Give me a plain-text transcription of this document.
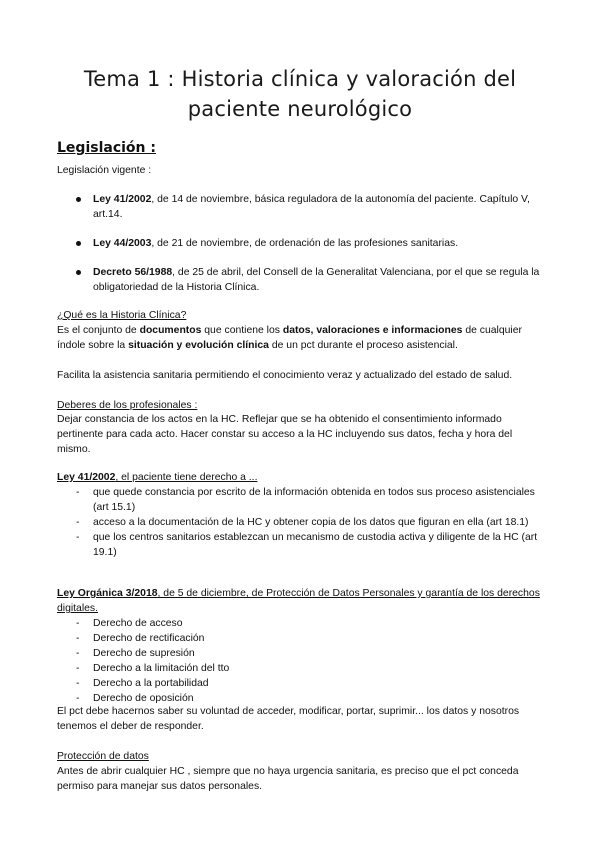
Tema 1 : Historia clínica y valoración del
paciente neurológico
Legislación :
Legislación vigente :
Ley 41/2002, de 14 de noviembre, básica reguladora de la autonomía del paciente. Capítulo V, art.14.
Ley 44/2003, de 21 de noviembre, de ordenación de las profesiones sanitarias.
Decreto 56/1988, de 25 de abril, del Consell de la Generalitat Valenciana, por el que se regula la obligatoriedad de la Historia Clínica.
¿Qué es la Historia Clínica?
Es el conjunto de documentos que contiene los datos, valoraciones e informaciones de cualquier índole sobre la situación y evolución clínica de un pct durante el proceso asistencial.
Facilita la asistencia sanitaria permitiendo el conocimiento veraz y actualizado del estado de salud.
Deberes de los profesionales :
Dejar constancia de los actos en la HC. Reflejar que se ha obtenido el consentimiento informado pertinente para cada acto. Hacer constar su acceso a la HC incluyendo sus datos, fecha y hora del mismo.
Ley 41/2002, el paciente tiene derecho a ...
- que quede constancia por escrito de la información obtenida en todos sus proceso asistenciales (art 15.1)
- acceso a la documentación de la HC y obtener copia de los datos que figuran en ella (art 18.1)
- que los centros sanitarios establezcan un mecanismo de custodia activa y diligente de la HC (art 19.1)
Ley Orgánica 3/2018, de 5 de diciembre, de Protección de Datos Personales y garantía de los derechos digitales.
- Derecho de acceso
- Derecho de rectificación
- Derecho de supresión
- Derecho a la limitación del tto
- Derecho a la portabilidad
- Derecho de oposición
El pct debe hacernos saber su voluntad de acceder, modificar, portar, suprimir... los datos y nosotros tenemos el deber de responder.
Protección de datos
Antes de abrir cualquier HC , siempre que no haya urgencia sanitaria, es preciso que el pct conceda permiso para manejar sus datos personales.
